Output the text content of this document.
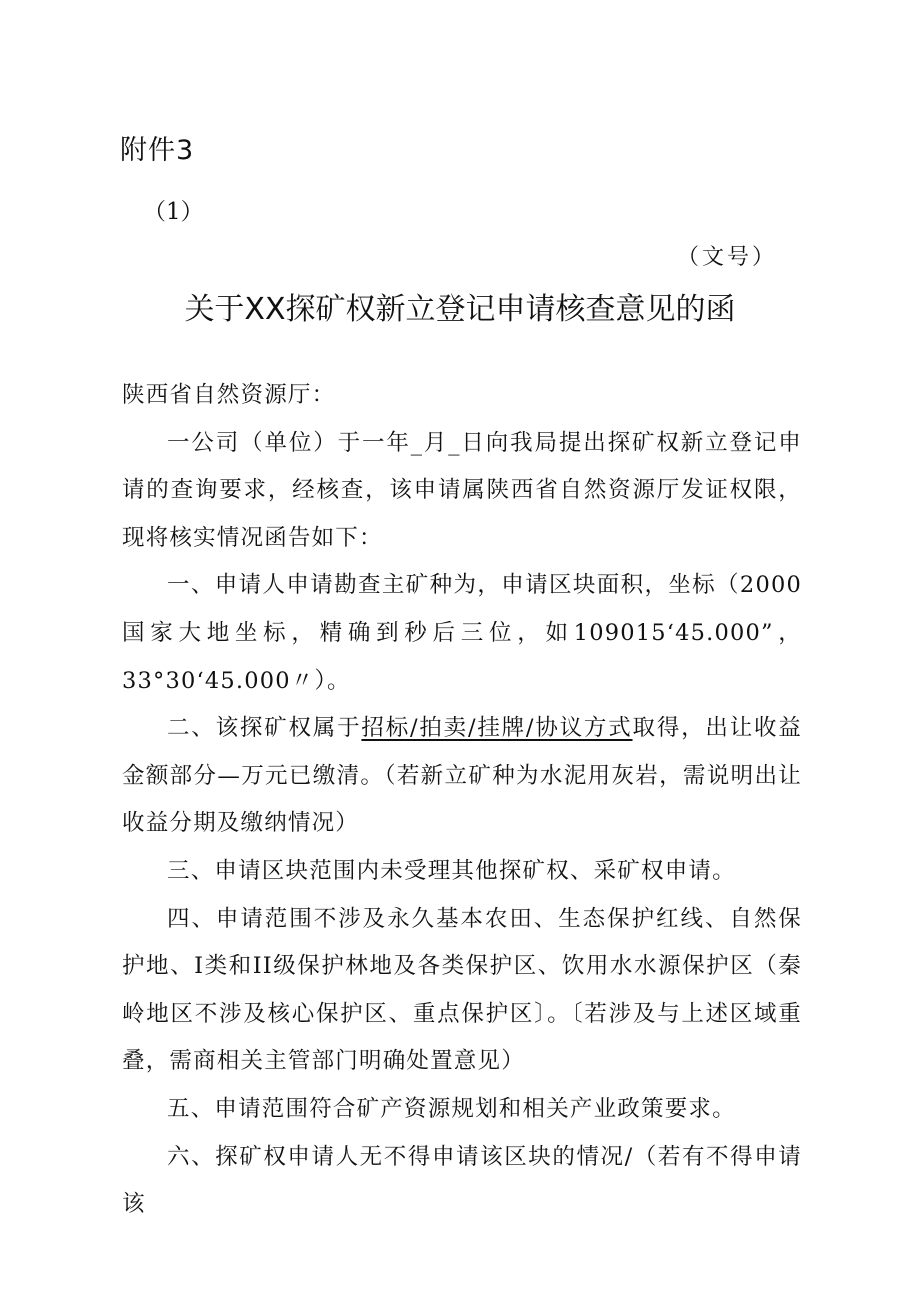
附件3
（1）
（文号）
关于XX探矿权新立登记申请核查意见的函

陕西省自然资源厅：

一公司（单位）于一年_月_日向我局提出探矿权新立登记申请的查询要求，经核查，该申请属陕西省自然资源厅发证权限，现将核实情况函告如下：

一、申请人申请勘查主矿种为，申请区块面积，坐标（2000国家大地坐标，精确到秒后三位，如109015‘45.000”，33°30‘45.000〃）。

二、该探矿权属于招标/拍卖/挂牌/协议方式取得，出让收益金额部分—万元已缴清。（若新立矿种为水泥用灰岩，需说明出让收益分期及缴纳情况）

三、申请区块范围内未受理其他探矿权、采矿权申请。

四、申请范围不涉及永久基本农田、生态保护红线、自然保护地、I类和II级保护林地及各类保护区、饮用水水源保护区（秦岭地区不涉及核心保护区、重点保护区〕。〔若涉及与上述区域重叠，需商相关主管部门明确处置意见）

五、申请范围符合矿产资源规划和相关产业政策要求。

六、探矿权申请人无不得申请该区块的情况/（若有不得申请该
